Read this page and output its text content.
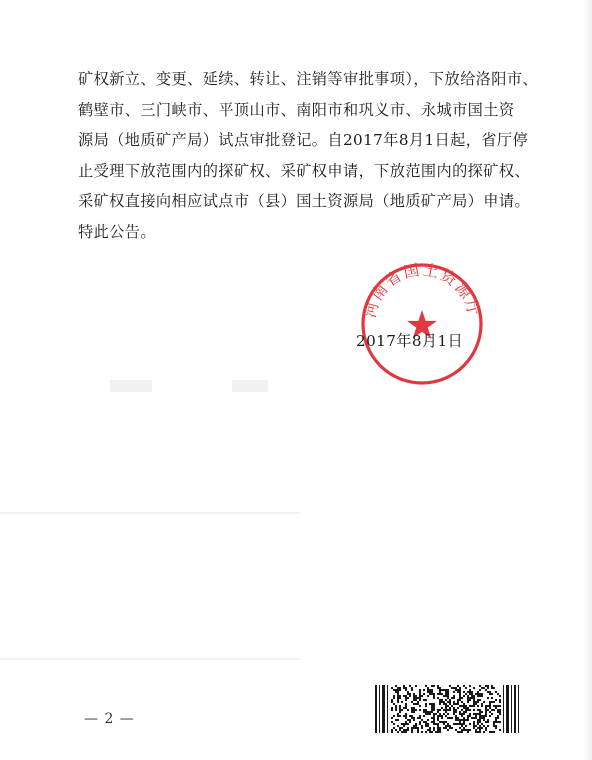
矿权新立、变更、延续、转让、注销等审批事项），下放给洛阳市、
鹤壁市、三门峡市、平顶山市、南阳市和巩义市、永城市国土资
源局（地质矿产局）试点审批登记。自2017年8月1日起，省厅停
止受理下放范围内的探矿权、采矿权申请，下放范围内的探矿权、
采矿权直接向相应试点市（县）国土资源局（地质矿产局）申请。
特此公告。
河南省国土资源厅
2017年8月1日
— 2 —
